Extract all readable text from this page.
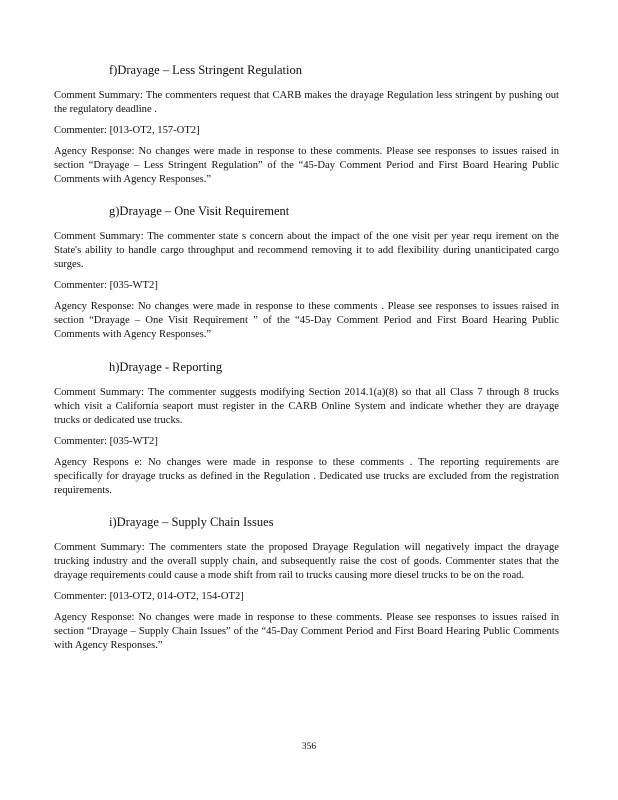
f)Drayage – Less Stringent Regulation

Comment Summary: The commenters request that CARB makes the drayage Regulation less stringent by pushing out the regulatory deadline .

Commenter: [013-OT2, 157-OT2]

Agency Response: No changes were made in response to these comments. Please see responses to issues raised in section “Drayage – Less Stringent Regulation” of the “45-Day Comment Period and First Board Hearing Public Comments with Agency Responses.”

g)Drayage – One Visit Requirement

Comment Summary: The commenter state s concern about the impact of the one visit per year requ irement on the State's ability to handle cargo throughput and recommend removing it to add flexibility during unanticipated cargo surges.

Commenter: [035-WT2]

Agency Response: No changes were made in response to these comments . Please see responses to issues raised in section “Drayage – One Visit Requirement ” of the “45-Day Comment Period and First Board Hearing Public Comments with Agency Responses.”

h)Drayage - Reporting

Comment Summary: The commenter suggests modifying Section 2014.1(a)(8) so that all Class 7 through 8 trucks which visit a California seaport must register in the CARB Online System and indicate whether they are drayage trucks or dedicated use trucks.

Commenter: [035-WT2]

Agency Respons e: No changes were made in response to these comments . The reporting requirements are specifically for drayage trucks as defined in the Regulation . Dedicated use trucks are excluded from the registration requirements.

i)Drayage – Supply Chain Issues

Comment Summary: The commenters state the proposed Drayage Regulation will negatively impact the drayage trucking industry and the overall supply chain, and subsequently raise the cost of goods. Commenter states that the drayage requirements could cause a mode shift from rail to trucks causing more diesel trucks to be on the road.

Commenter: [013-OT2, 014-OT2, 154-OT2]

Agency Response: No changes were made in response to these comments. Please see responses to issues raised in section “Drayage – Supply Chain Issues” of the “45-Day Comment Period and First Board Hearing Public Comments with Agency Responses.”

356
